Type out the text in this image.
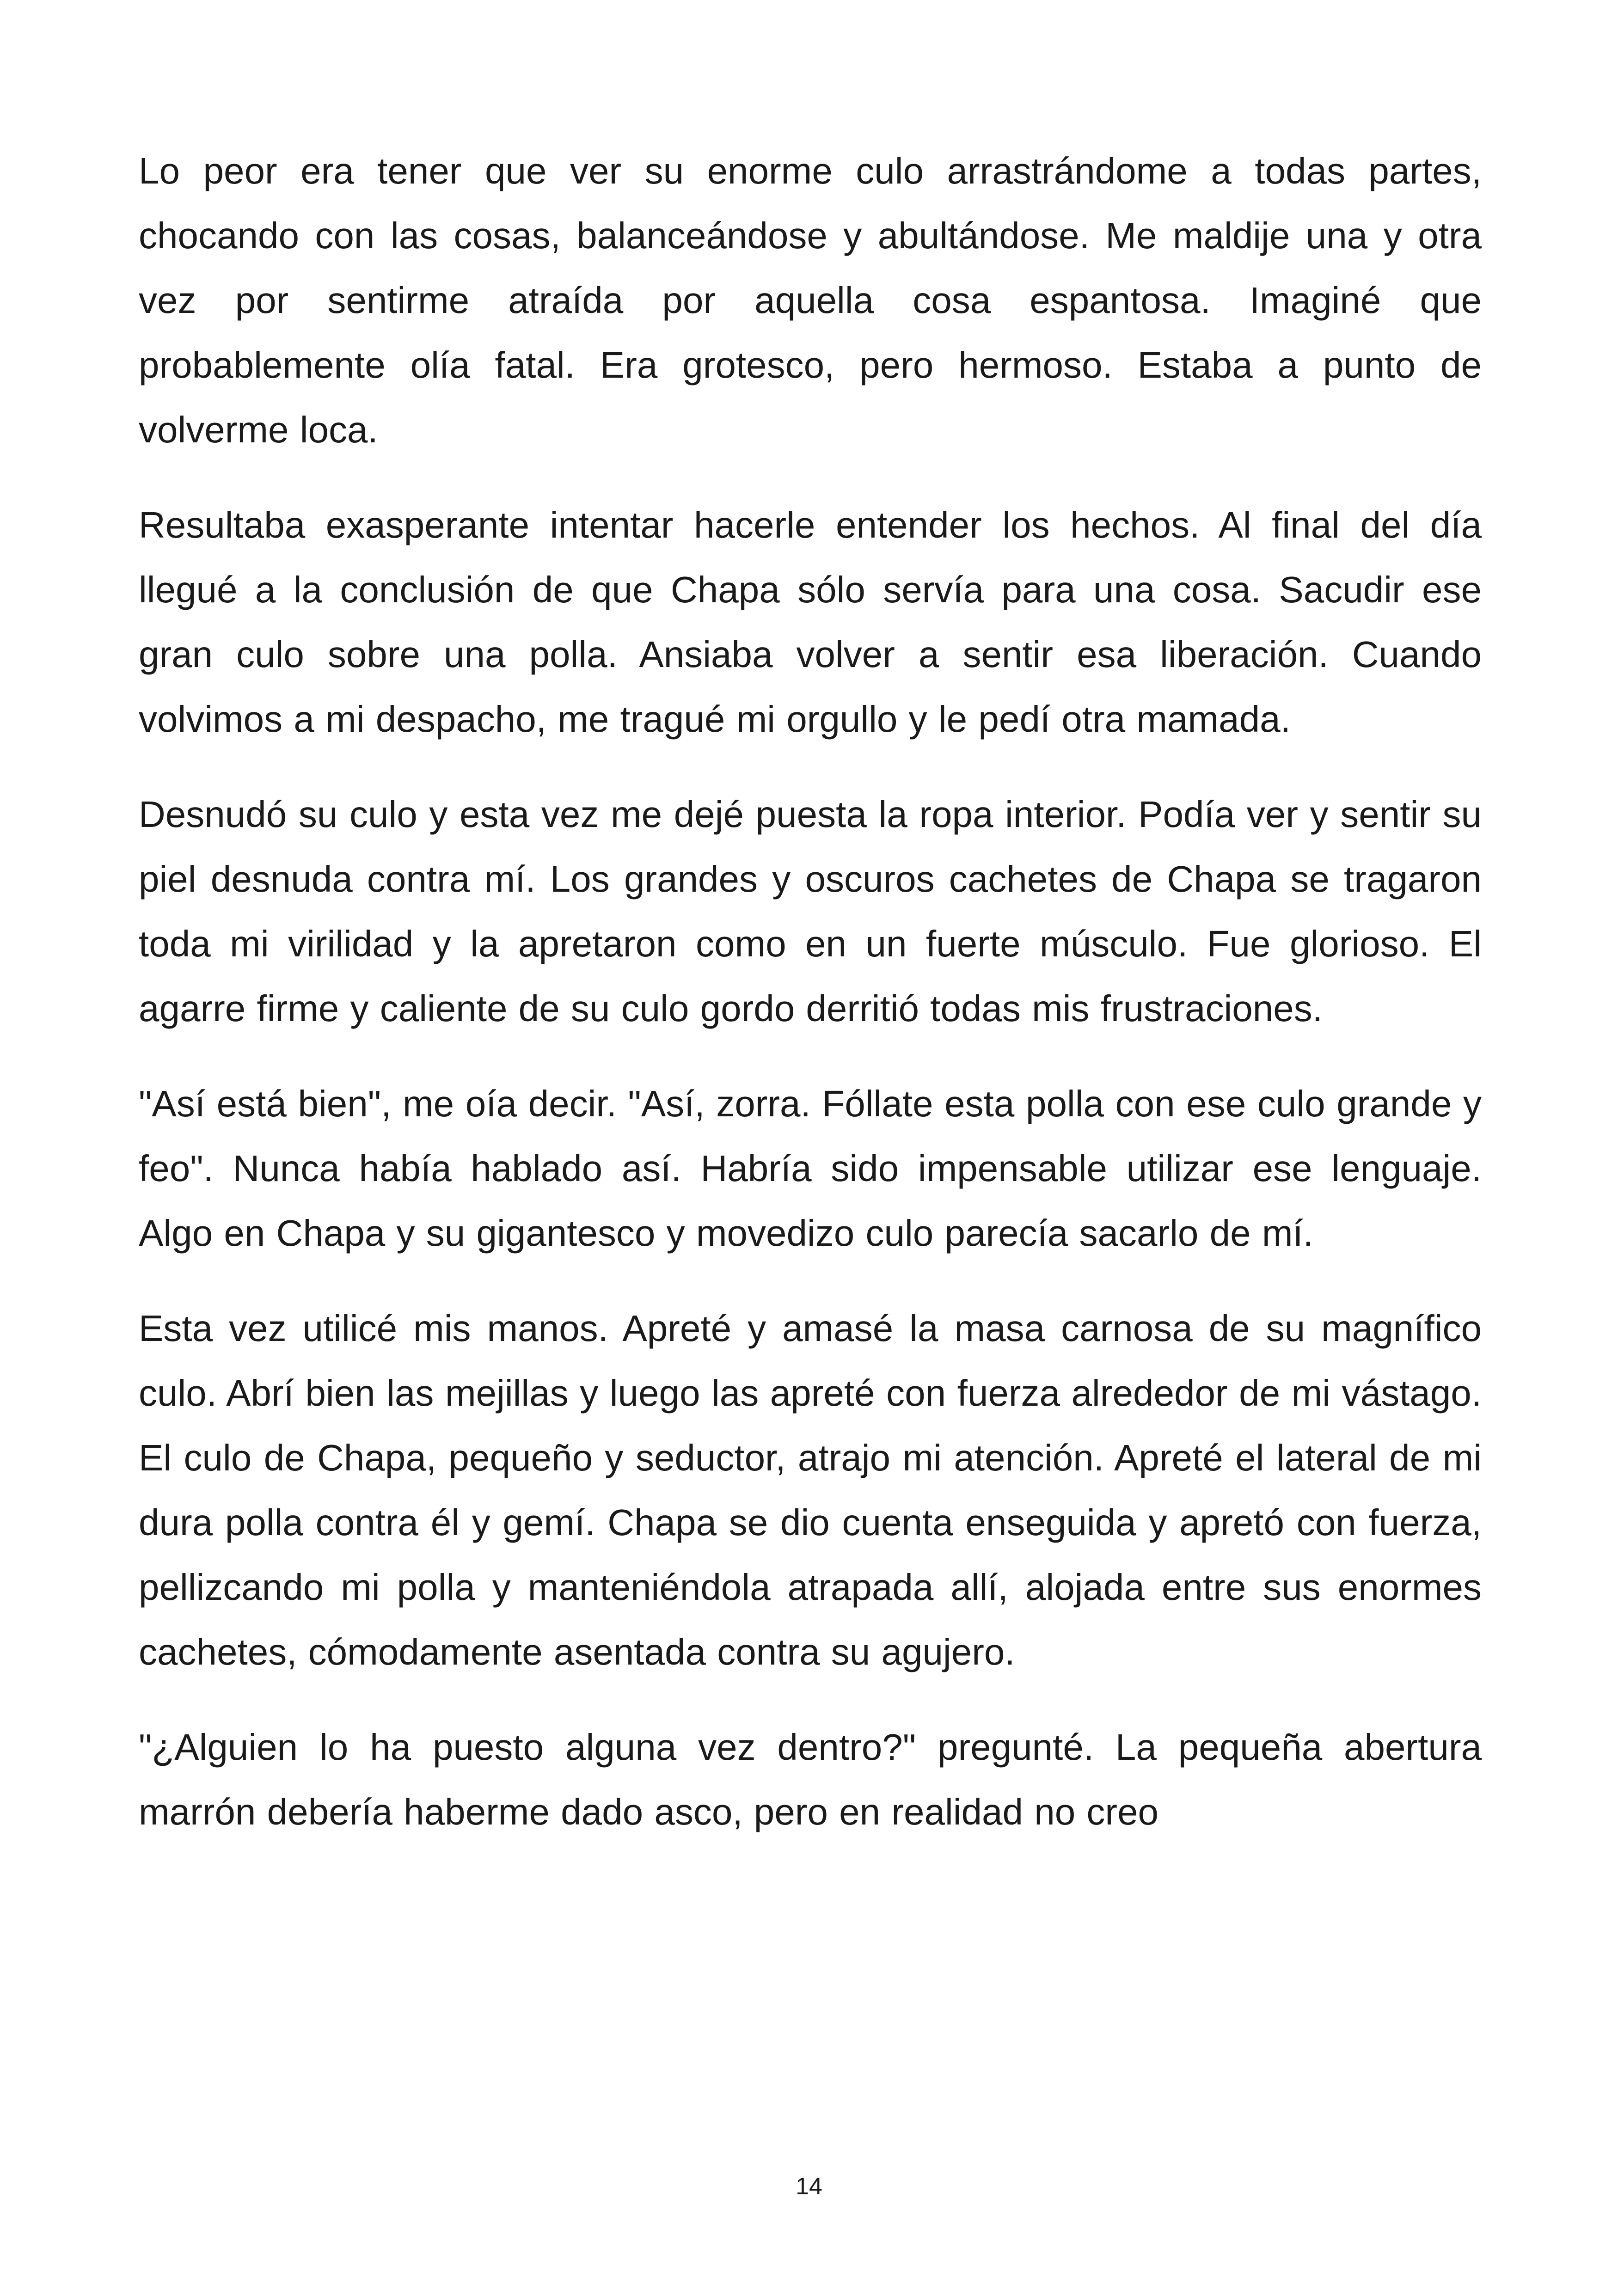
Lo peor era tener que ver su enorme culo arrastrándome a todas partes, chocando con las cosas, balanceándose y abultándose. Me maldije una y otra vez por sentirme atraída por aquella cosa espantosa. Imaginé que probablemente olía fatal. Era grotesco, pero hermoso. Estaba a punto de volverme loca.

Resultaba exasperante intentar hacerle entender los hechos. Al final del día llegué a la conclusión de que Chapa sólo servía para una cosa. Sacudir ese gran culo sobre una polla. Ansiaba volver a sentir esa liberación. Cuando volvimos a mi despacho, me tragué mi orgullo y le pedí otra mamada.

Desnudó su culo y esta vez me dejé puesta la ropa interior. Podía ver y sentir su piel desnuda contra mí. Los grandes y oscuros cachetes de Chapa se tragaron toda mi virilidad y la apretaron como en un fuerte músculo. Fue glorioso. El agarre firme y caliente de su culo gordo derritió todas mis frustraciones.

"Así está bien", me oía decir. "Así, zorra. Fóllate esta polla con ese culo grande y feo". Nunca había hablado así. Habría sido impensable utilizar ese lenguaje. Algo en Chapa y su gigantesco y movedizo culo parecía sacarlo de mí.

Esta vez utilicé mis manos. Apreté y amasé la masa carnosa de su magnífico culo. Abrí bien las mejillas y luego las apreté con fuerza alrededor de mi vástago. El culo de Chapa, pequeño y seductor, atrajo mi atención. Apreté el lateral de mi dura polla contra él y gemí. Chapa se dio cuenta enseguida y apretó con fuerza, pellizcando mi polla y manteniéndola atrapada allí, alojada entre sus enormes cachetes, cómodamente asentada contra su agujero.

"¿Alguien lo ha puesto alguna vez dentro?" pregunté. La pequeña abertura marrón debería haberme dado asco, pero en realidad no creo

14
